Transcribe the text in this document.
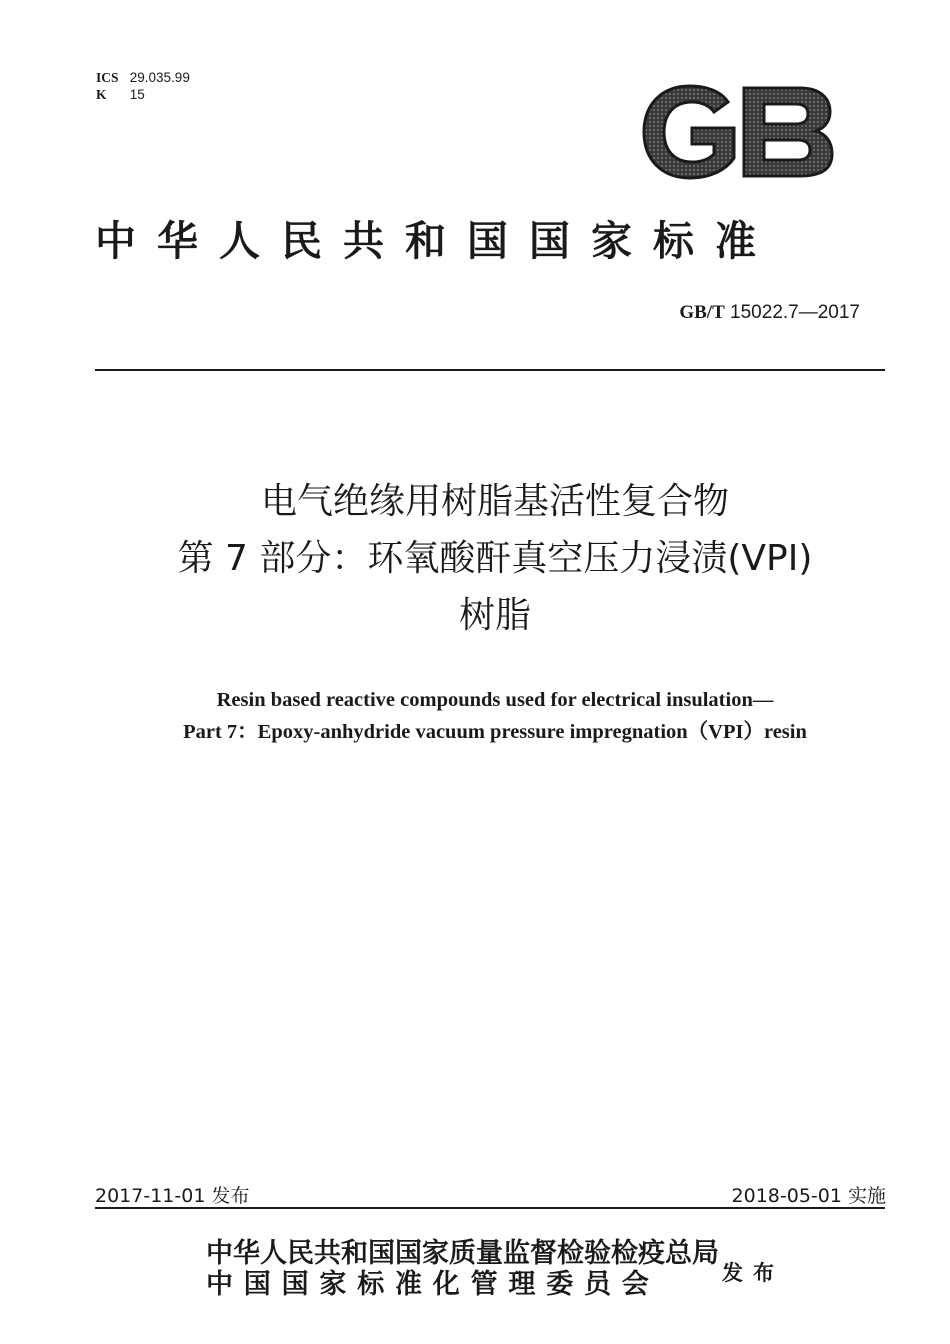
ICS 29.035.99
K 15
中华人民共和国国家标准
GB/T 15022.7—2017
电气绝缘用树脂基活性复合物
第 7 部分：环氧酸酐真空压力浸渍(VPI)
树脂
Resin based reactive compounds used for electrical insulation—
Part 7：Epoxy-anhydride vacuum pressure impregnation（VPI）resin
2017-11-01 发布	2018-05-01 实施
中华人民共和国国家质量监督检验检疫总局
中国国家标准化管理委员会	发布
